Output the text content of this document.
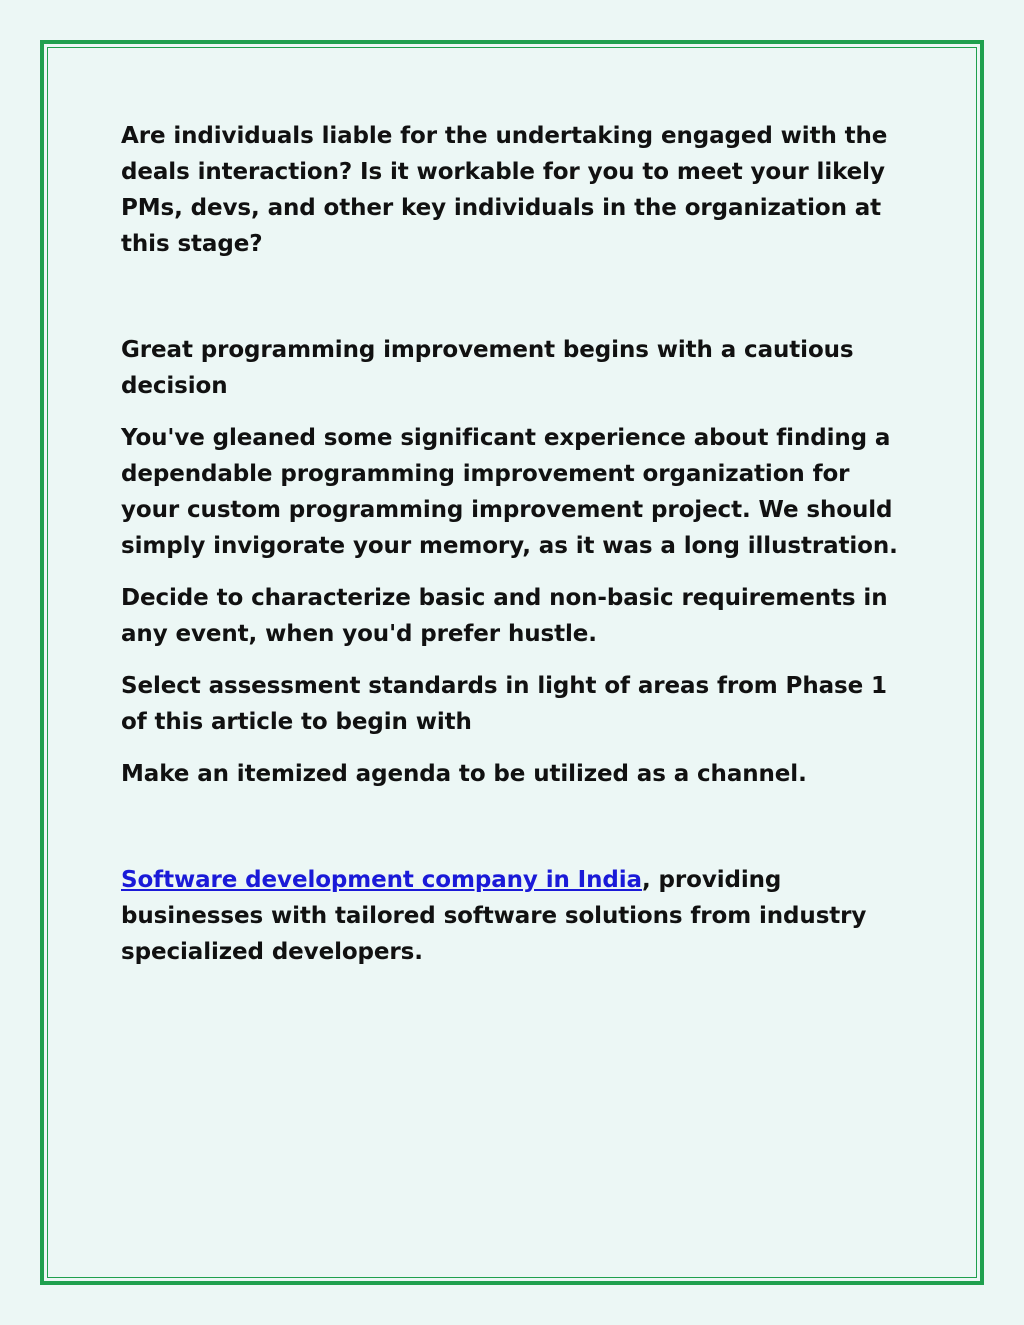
Are individuals liable for the undertaking engaged with the deals interaction? Is it workable for you to meet your likely PMs, devs, and other key individuals in the organization at this stage?

Great programming improvement begins with a cautious decision

You've gleaned some significant experience about finding a dependable programming improvement organization for your custom programming improvement project. We should simply invigorate your memory, as it was a long illustration.

Decide to characterize basic and non-basic requirements in any event, when you'd prefer hustle.

Select assessment standards in light of areas from Phase 1 of this article to begin with

Make an itemized agenda to be utilized as a channel.

Software development company in India, providing businesses with tailored software solutions from industry specialized developers.
